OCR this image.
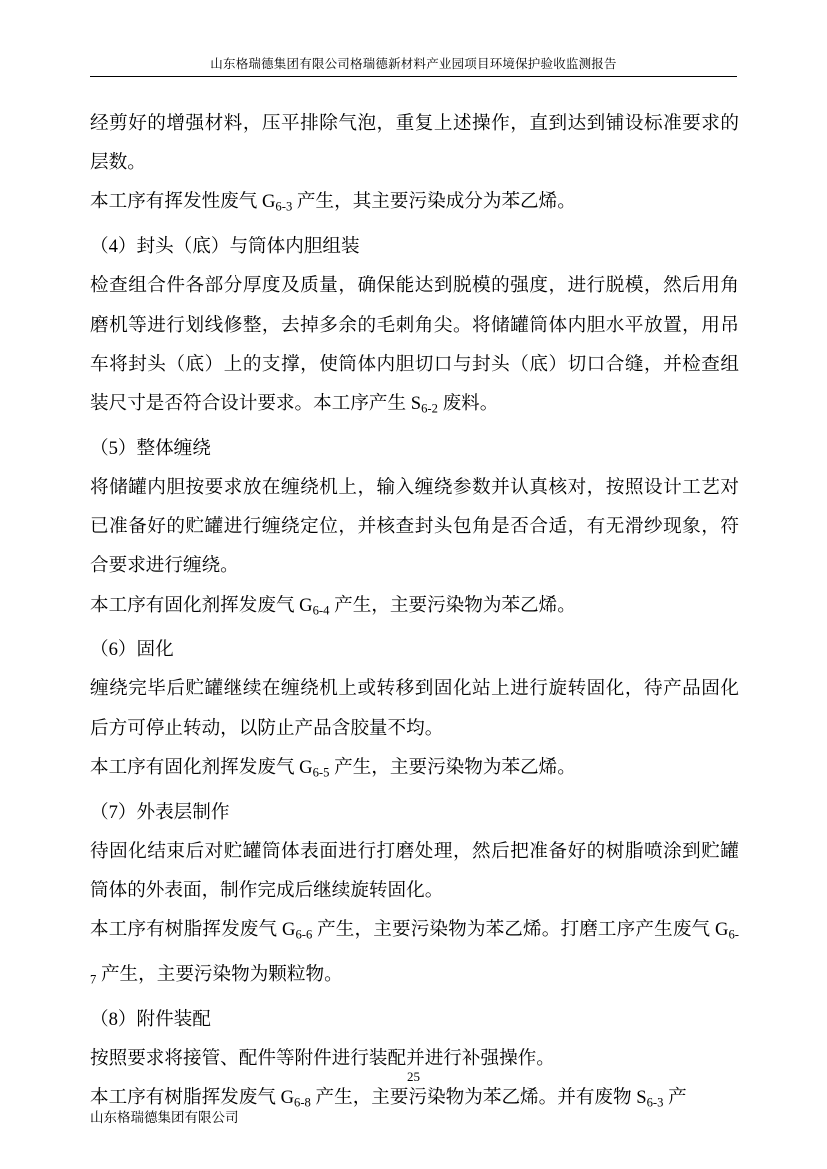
山东格瑞德集团有限公司格瑞德新材料产业园项目环境保护验收监测报告

经剪好的增强材料，压平排除气泡，重复上述操作，直到达到铺设标准要求的层数。

本工序有挥发性废气 $G_{6-3}$ 产生，其主要污染成分为苯乙烯。

（4）封头（底）与筒体内胆组装

检查组合件各部分厚度及质量，确保能达到脱模的强度，进行脱模，然后用角磨机等进行划线修整，去掉多余的毛刺角尖。将储罐筒体内胆水平放置，用吊车将封头（底）上的支撑，使筒体内胆切口与封头（底）切口合缝，并检查组装尺寸是否符合设计要求。本工序产生 $S_{6-2}$ 废料。

（5）整体缠绕

将储罐内胆按要求放在缠绕机上，输入缠绕参数并认真核对，按照设计工艺对已准备好的贮罐进行缠绕定位，并核查封头包角是否合适，有无滑纱现象，符合要求进行缠绕。

本工序有固化剂挥发废气 $G_{6-4}$ 产生，主要污染物为苯乙烯。

（6）固化

缠绕完毕后贮罐继续在缠绕机上或转移到固化站上进行旋转固化，待产品固化后方可停止转动，以防止产品含胶量不均。

本工序有固化剂挥发废气 $G_{6-5}$ 产生，主要污染物为苯乙烯。

（7）外表层制作

待固化结束后对贮罐筒体表面进行打磨处理，然后把准备好的树脂喷涂到贮罐筒体的外表面，制作完成后继续旋转固化。

本工序有树脂挥发废气 $G_{6-6}$ 产生，主要污染物为苯乙烯。打磨工序产生废气 $G_{6-7}$ 产生，主要污染物为颗粒物。

（8）附件装配

按照要求将接管、配件等附件进行装配并进行补强操作。

本工序有树脂挥发废气 $G_{6-8}$ 产生，主要污染物为苯乙烯。并有废物 $S_{6-3}$ 产

25
山东格瑞德集团有限公司
